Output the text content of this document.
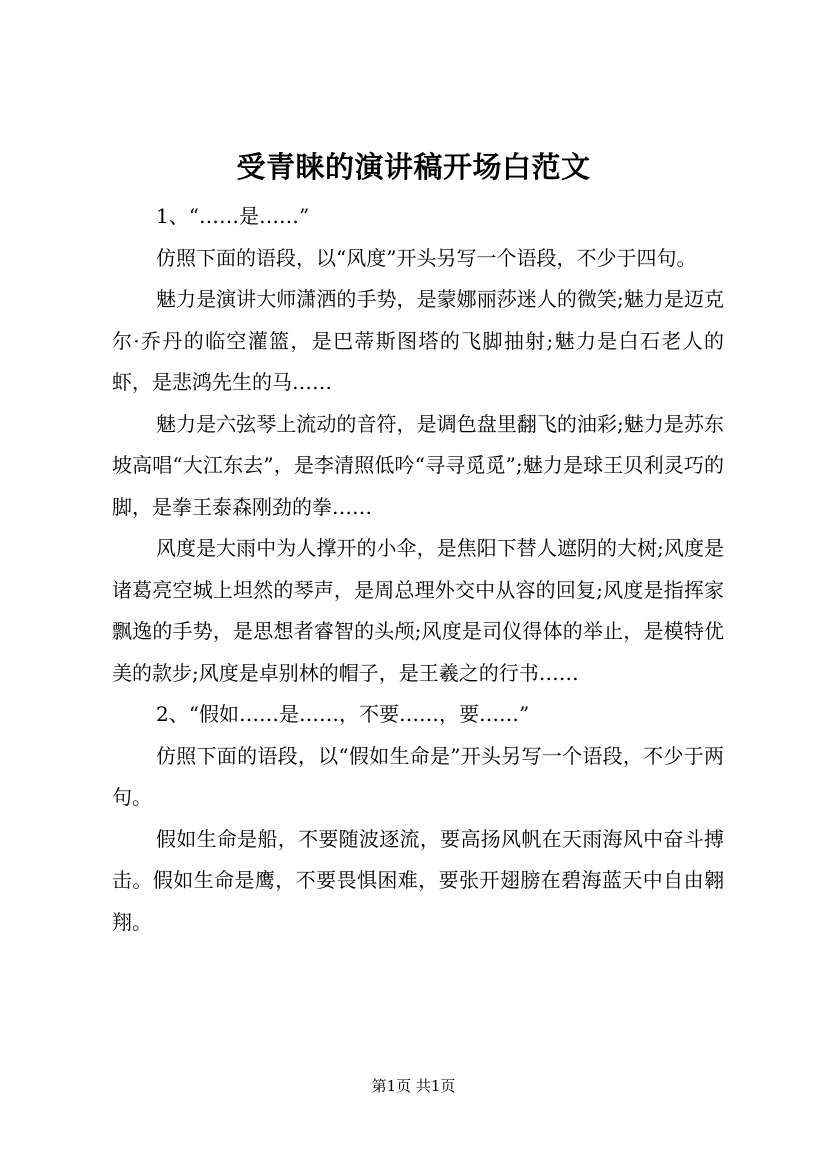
受青睐的演讲稿开场白范文

1、“……是……”

仿照下面的语段，以“风度”开头另写一个语段，不少于四句。

魅力是演讲大师潇洒的手势，是蒙娜丽莎迷人的微笑;魅力是迈克尔·乔丹的临空灌篮，是巴蒂斯图塔的飞脚抽射;魅力是白石老人的虾，是悲鸿先生的马……

魅力是六弦琴上流动的音符，是调色盘里翻飞的油彩;魅力是苏东坡高唱“大江东去”，是李清照低吟“寻寻觅觅”;魅力是球王贝利灵巧的脚，是拳王泰森刚劲的拳……

风度是大雨中为人撑开的小伞，是焦阳下替人遮阴的大树;风度是诸葛亮空城上坦然的琴声，是周总理外交中从容的回复;风度是指挥家飘逸的手势，是思想者睿智的头颅;风度是司仪得体的举止，是模特优美的款步;风度是卓别林的帽子，是王羲之的行书……

2、“假如……是……，不要……，要……”

仿照下面的语段，以“假如生命是”开头另写一个语段，不少于两句。

假如生命是船，不要随波逐流，要高扬风帆在天雨海风中奋斗搏击。假如生命是鹰，不要畏惧困难，要张开翅膀在碧海蓝天中自由翱翔。

第1页 共1页
